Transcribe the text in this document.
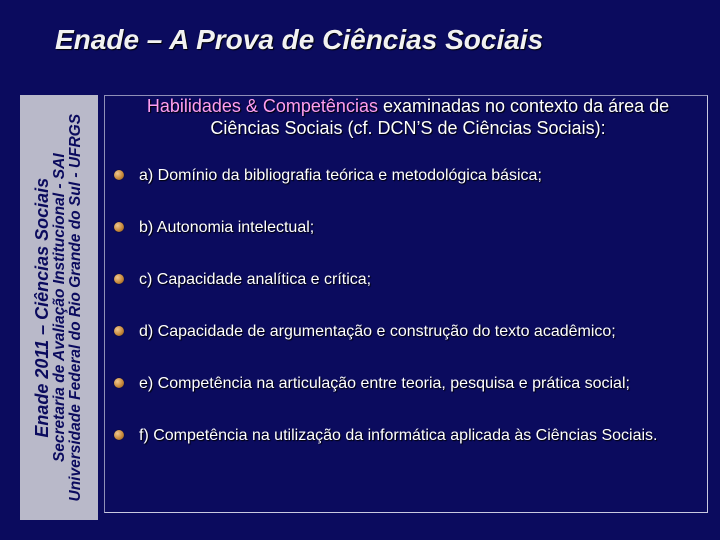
Enade – A Prova de Ciências Sociais
Enade 2011 – Ciências Sociais
Secretaria de Avaliação Institucional - SAI Universidade Federal do Rio Grande do Sul - UFRGS
Habilidades & Competências examinadas no contexto da área de Ciências Sociais (cf. DCN’S de Ciências Sociais):
a) Domínio da bibliografia teórica e metodológica básica;
b) Autonomia intelectual;
c) Capacidade analítica e crítica;
d) Capacidade de argumentação e construção do texto acadêmico;
e) Competência na articulação entre teoria, pesquisa e prática social;
f) Competência na utilização da informática aplicada às Ciências Sociais.
